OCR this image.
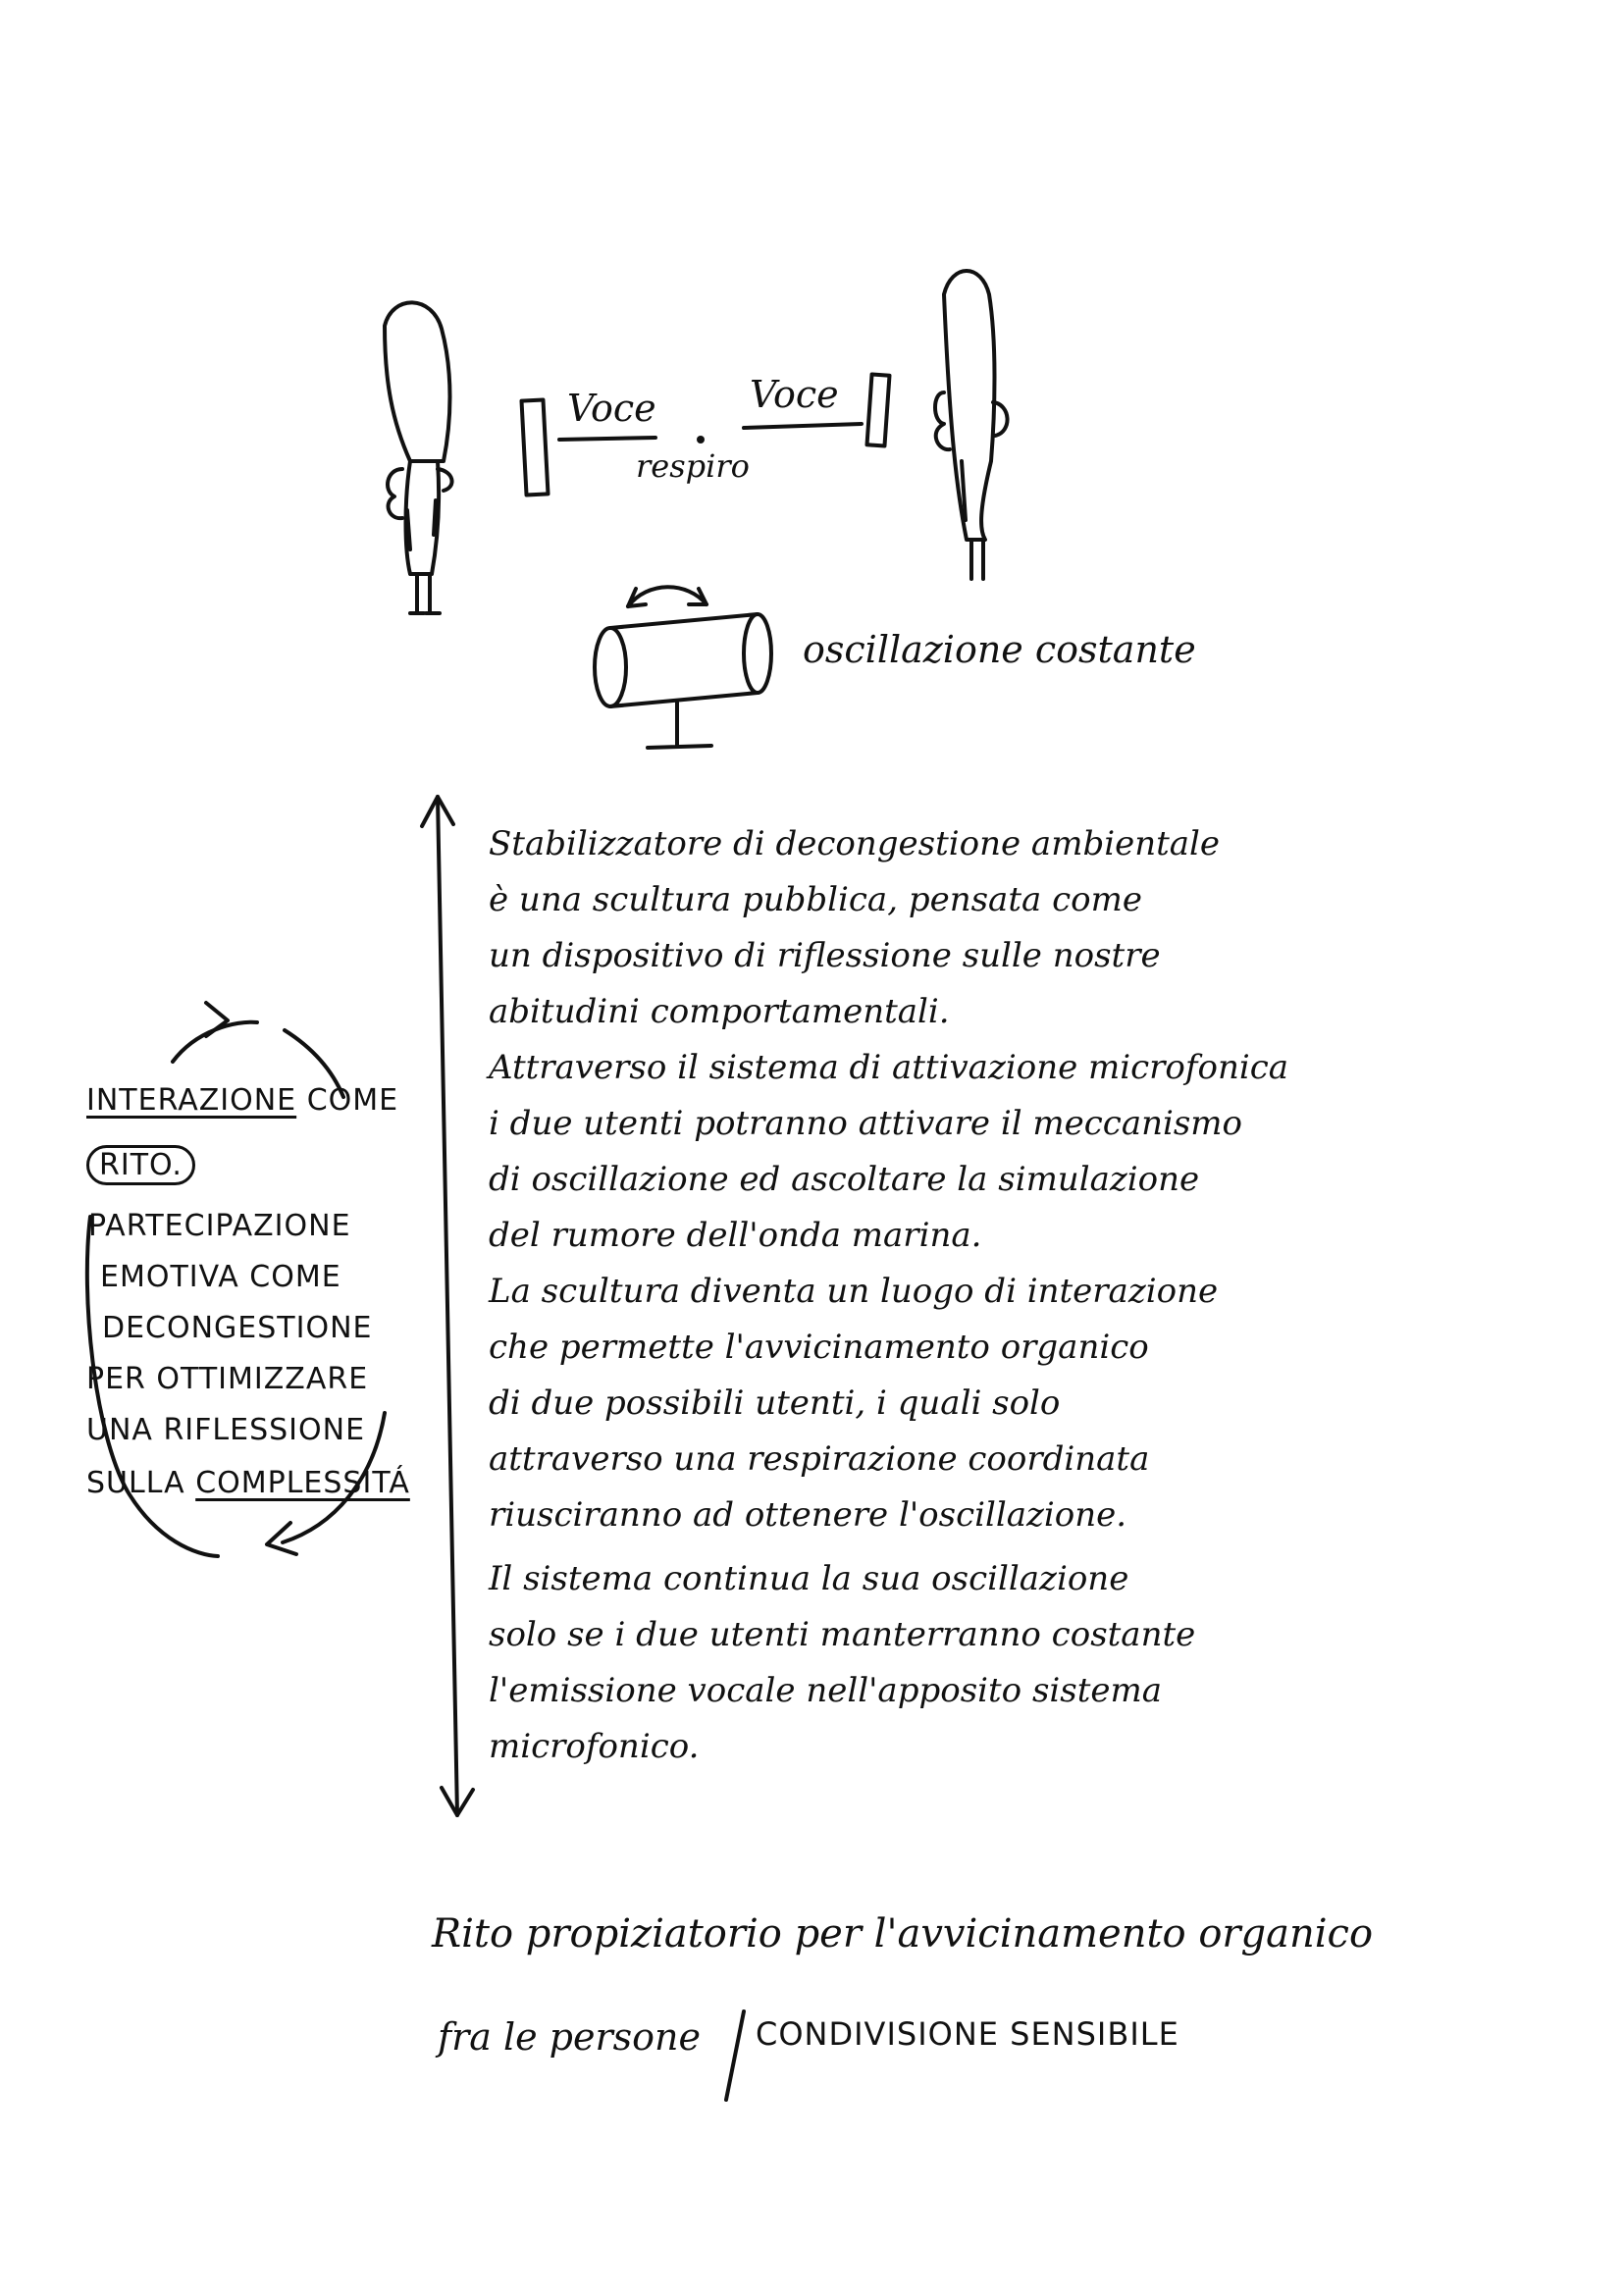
Voce	Voce

respiro

oscillazione costante

INTERAZIONE COME

RITO.

PARTECIPAZIONE

EMOTIVA COME

DECONGESTIONE

PER OTTIMIZZARE

UNA RIFLESSIONE

SULLA COMPLESSITÁ

Stabilizzatore di decongestione ambientale
è una scultura pubblica, pensata come
un dispositivo di riflessione sulle nostre
abitudini comportamentali.
Attraverso il sistema di attivazione microfonica
i due utenti potranno attivare il meccanismo
di oscillazione ed ascoltare la simulazione
del rumore dell'onda marina.
La scultura diventa un luogo di interazione
che permette l'avvicinamento organico
di due possibili utenti, i quali solo
attraverso una respirazione coordinata
riusciranno ad ottenere l'oscillazione.
Il sistema continua la sua oscillazione
solo se i due utenti manterranno costante
l'emissione vocale nell'apposito sistema
microfonico.

Rito propiziatorio per l'avvicinamento organico

fra le persone CONDIVISIONE SENSIBILE
